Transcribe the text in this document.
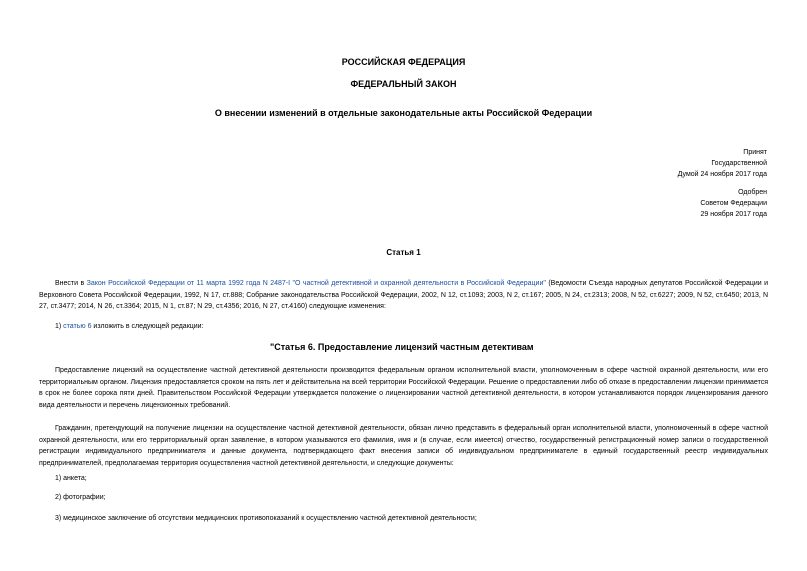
РОССИЙСКАЯ ФЕДЕРАЦИЯ
ФЕДЕРАЛЬНЫЙ ЗАКОН
О внесении изменений в отдельные законодательные акты Российской Федерации
Принят
Государственной
Думой 24 ноября 2017 года
Одобрен
Советом Федерации
29 ноября 2017 года
Статья 1

Внести в Закон Российской Федерации от 11 марта 1992 года N 2487-I "О частной детективной и охранной деятельности в Российской Федерации" (Ведомости Съезда народных депутатов Российской Федерации и Верховного Совета Российской Федерации, 1992, N 17, ст.888; Собрание законодательства Российской Федерации, 2002, N 12, ст.1093; 2003, N 2, ст.167; 2005, N 24, ст.2313; 2008, N 52, ст.6227; 2009, N 52, ст.6450; 2013, N 27, ст.3477; 2014, N 26, ст.3364; 2015, N 1, ст.87; N 29, ст.4356; 2016, N 27, ст.4160) следующие изменения:

1) статью 6 изложить в следующей редакции:

"Статья 6. Предоставление лицензий частным детективам

Предоставление лицензий на осуществление частной детективной деятельности производится федеральным органом исполнительной власти, уполномоченным в сфере частной охранной деятельности, или его территориальным органом. Лицензия предоставляется сроком на пять лет и действительна на всей территории Российской Федерации. Решение о предоставлении либо об отказе в предоставлении лицензии принимается в срок не более сорока пяти дней. Правительством Российской Федерации утверждается положение о лицензировании частной детективной деятельности, в котором устанавливаются порядок лицензирования данного вида деятельности и перечень лицензионных требований.

Гражданин, претендующий на получение лицензии на осуществление частной детективной деятельности, обязан лично представить в федеральный орган исполнительной власти, уполномоченный в сфере частной охранной деятельности, или его территориальный орган заявление, в котором указываются его фамилия, имя и (в случае, если имеется) отчество, государственный регистрационный номер записи о государственной регистрации индивидуального предпринимателя и данные документа, подтверждающего факт внесения записи об индивидуальном предпринимателе в единый государственный реестр индивидуальных предпринимателей, предполагаемая территория осуществления частной детективной деятельности, и следующие документы:

1) анкета;
2) фотографии;
3) медицинское заключение об отсутствии медицинских противопоказаний к осуществлению частной детективной деятельности;
